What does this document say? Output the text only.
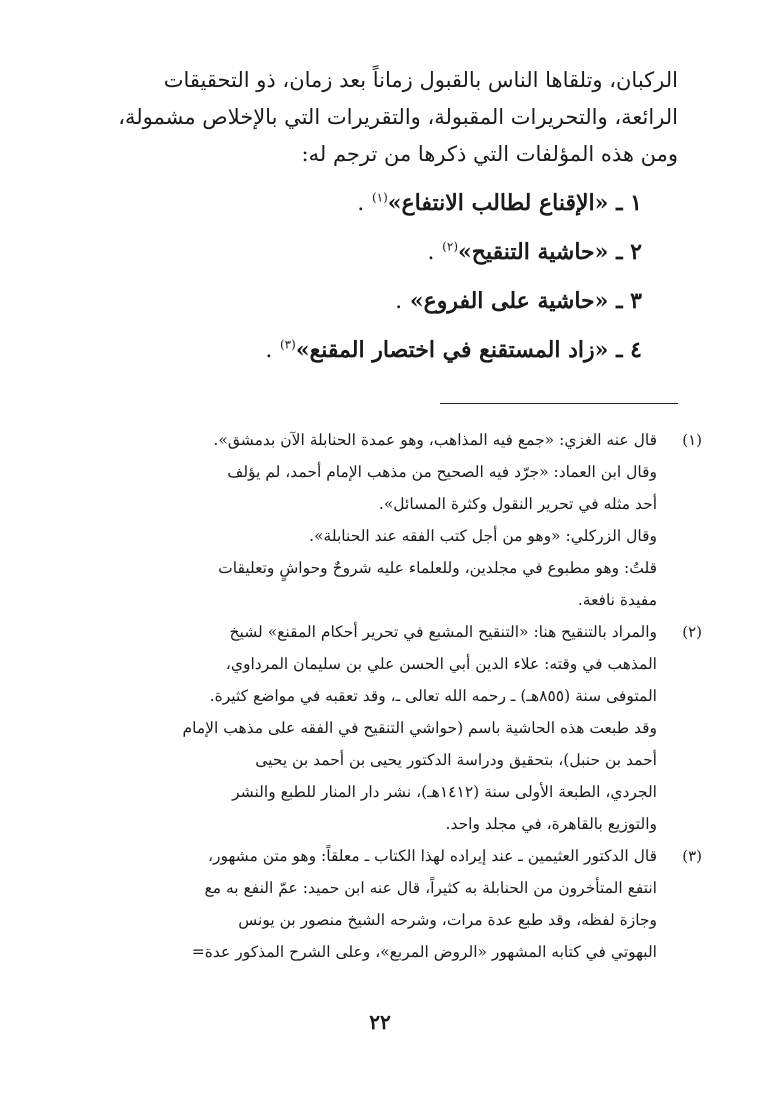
الركبان، وتلقاها الناس بالقبول زماناً بعد زمان، ذو التحقيقات

الرائعة، والتحريرات المقبولة، والتقريرات التي بالإخلاص مشمولة،

ومن هذه المؤلفات التي ذكرها من ترجم له:

١ ـ «الإقناع لطالب الانتفاع»$^{(١)}$ .
٢ ـ «حاشية التنقيح»$^{(٢)}$ .
٣ ـ «حاشية على الفروع» .
٤ ـ «زاد المستقنع في اختصار المقنع»$^{(٣)}$ .
(١)
قال عنه الغزي: «جمع فيه المذاهب، وهو عمدة الحنابلة الآن بدمشق».
وقال ابن العماد: «جرّد فيه الصحيح من مذهب الإمام أحمد، لم يؤلف
أحد مثله في تحرير النقول وكثرة المسائل».
وقال الزركلي: «وهو من أجل كتب الفقه عند الحنابلة».
قلتُ: وهو مطبوع في مجلدين، وللعلماء عليه شروحٌ وحواشٍ وتعليقات
مفيدة نافعة.
(٢)
والمراد بالتنقيح هنا: «التنقيح المشبع في تحرير أحكام المقنع» لشيخ
المذهب في وقته: علاء الدين أبي الحسن علي بن سليمان المرداوي،
المتوفى سنة (٨٥٥هـ) ـ رحمه الله تعالى ـ، وقد تعقبه في مواضع كثيرة.
وقد طبعت هذه الحاشية باسم (حواشي التنقيح في الفقه على مذهب الإمام
أحمد بن حنبل)، بتحقيق ودراسة الدكتور يحيى بن أحمد بن يحيى
الجردي، الطبعة الأولى سنة (١٤١٢هـ)، نشر دار المنار للطبع والنشر
والتوزيع بالقاهرة، في مجلد واحد.
(٣)
قال الدكتور العثيمين ـ عند إيراده لهذا الكتاب ـ معلقاً: وهو متن مشهور،
انتفع المتأخرون من الحنابلة به كثيراً، قال عنه ابن حميد: عمّ النفع به مع
وجازة لفظه، وقد طبع عدة مرات، وشرحه الشيخ منصور بن يونس
البهوتي في كتابه المشهور «الروض المربع»، وعلى الشرح المذكور عدة=
٢٢
